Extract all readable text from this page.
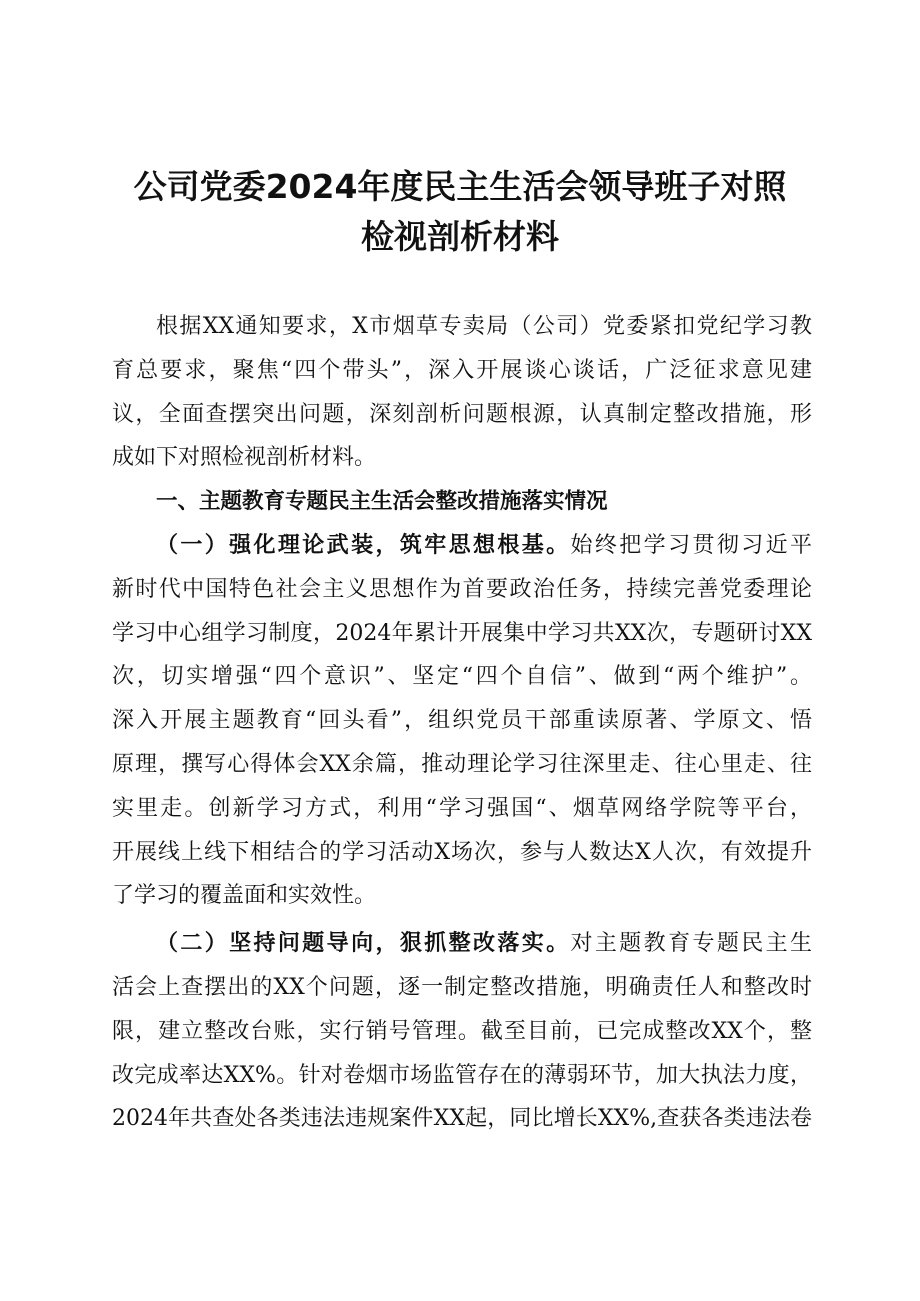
公司党委2024年度民主生活会领导班子对照
检视剖析材料
根据XX通知要求，X市烟草专卖局（公司）党委紧扣党纪学习教
育总要求，聚焦“四个带头”，深入开展谈心谈话，广泛征求意见建
议，全面查摆突出问题，深刻剖析问题根源，认真制定整改措施，形
成如下对照检视剖析材料。
一、主题教育专题民主生活会整改措施落实情况
（一）强化理论武装，筑牢思想根基。始终把学习贯彻习近平
新时代中国特色社会主义思想作为首要政治任务，持续完善党委理论
学习中心组学习制度，2024年累计开展集中学习共XX次，专题研讨XX
次，切实增强“四个意识”、坚定“四个自信”、做到“两个维护”。
深入开展主题教育“回头看”，组织党员干部重读原著、学原文、悟
原理，撰写心得体会XX余篇，推动理论学习往深里走、往心里走、往
实里走。创新学习方式，利用“学习强国“、烟草网络学院等平台，
开展线上线下相结合的学习活动X场次，参与人数达X人次，有效提升
了学习的覆盖面和实效性。
（二）坚持问题导向，狠抓整改落实。对主题教育专题民主生
活会上查摆出的XX个问题，逐一制定整改措施，明确责任人和整改时
限，建立整改台账，实行销号管理。截至目前，已完成整改XX个，整
改完成率达XX%。针对卷烟市场监管存在的薄弱环节，加大执法力度，
2024年共查处各类违法违规案件XX起，同比增长XX%,查获各类违法卷
